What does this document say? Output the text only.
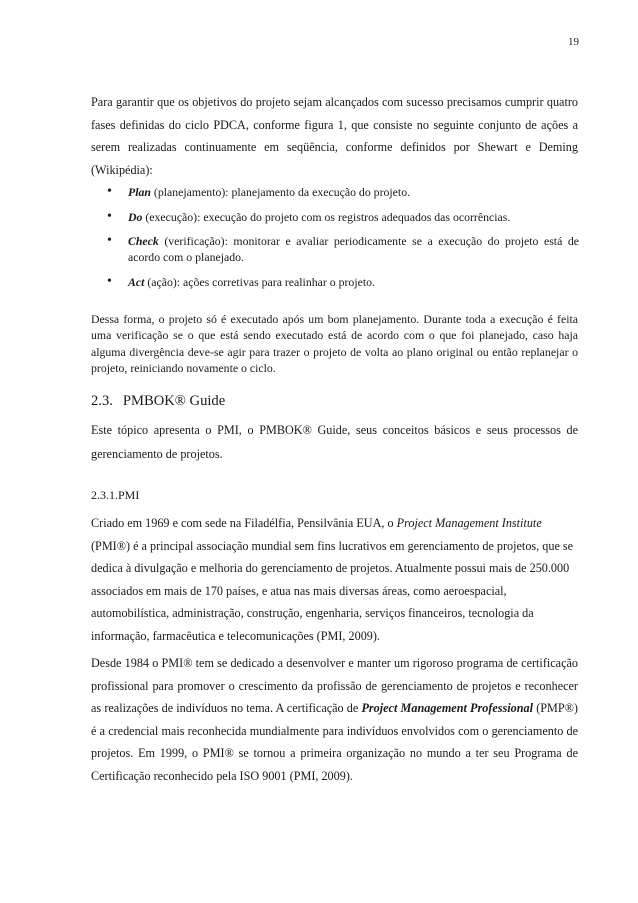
19

Para garantir que os objetivos do projeto sejam alcançados com sucesso precisamos cumprir quatro fases definidas do ciclo PDCA, conforme figura 1, que consiste no seguinte conjunto de ações a serem realizadas continuamente em seqüência, conforme definidos por Shewart e Deming (Wikipédia):

• Plan (planejamento): planejamento da execução do projeto.
• Do (execução): execução do projeto com os registros adequados das ocorrências.
• Check (verificação): monitorar e avaliar periodicamente se a execução do projeto está de acordo com o planejado.
• Act (ação): ações corretivas para realinhar o projeto.

Dessa forma, o projeto só é executado após um bom planejamento. Durante toda a execução é feita uma verificação se o que está sendo executado está de acordo com o que foi planejado, caso haja alguma divergência deve-se agir para trazer o projeto de volta ao plano original ou então replanejar o projeto, reiniciando novamente o ciclo.

2.3. PMBOK® Guide

Este tópico apresenta o PMI, o PMBOK® Guide, seus conceitos básicos e seus processos de gerenciamento de projetos.

2.3.1.PMI

Criado em 1969 e com sede na Filadélfia, Pensilvânia EUA, o Project Management Institute (PMI®) é a principal associação mundial sem fins lucrativos em gerenciamento de projetos, que se dedica à divulgação e melhoria do gerenciamento de projetos. Atualmente possui mais de 250.000 associados em mais de 170 países, e atua nas mais diversas áreas, como aeroespacial, automobilística, administração, construção, engenharia, serviços financeiros, tecnologia da informação, farmacêutica e telecomunicações (PMI, 2009).

Desde 1984 o PMI® tem se dedicado a desenvolver e manter um rigoroso programa de certificação profissional para promover o crescimento da profissão de gerenciamento de projetos e reconhecer as realizações de indivíduos no tema. A certificação de Project Management Professional (PMP®) é a credencial mais reconhecida mundialmente para indivíduos envolvidos com o gerenciamento de projetos. Em 1999, o PMI® se tornou a primeira organização no mundo a ter seu Programa de Certificação reconhecido pela ISO 9001 (PMI, 2009).
